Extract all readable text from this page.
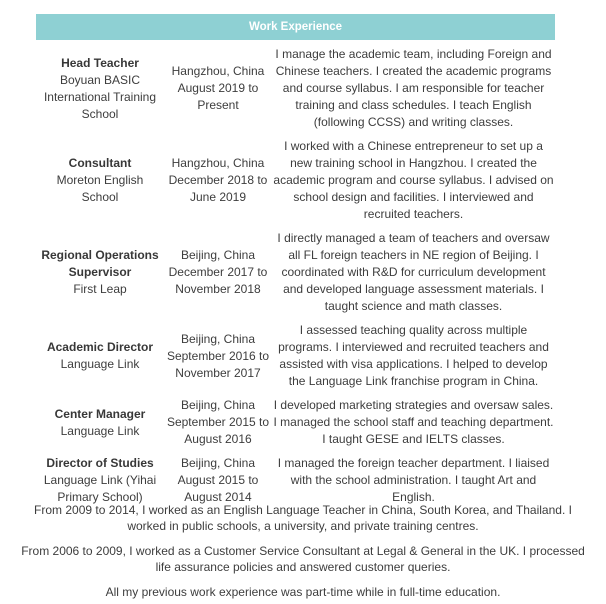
Work Experience
Head Teacher
Boyuan BASIC International Training School
Hangzhou, China
August 2019 to Present
I manage the academic team, including Foreign and Chinese teachers. I created the academic programs and course syllabus. I am responsible for teacher training and class schedules. I teach English (following CCSS) and writing classes.
Consultant
Moreton English School
Hangzhou, China
December 2018 to June 2019
I worked with a Chinese entrepreneur to set up a new training school in Hangzhou. I created the academic program and course syllabus. I advised on school design and facilities. I interviewed and recruited teachers.
Regional Operations Supervisor
First Leap
Beijing, China
December 2017 to November 2018
I directly managed a team of teachers and oversaw all FL foreign teachers in NE region of Beijing. I coordinated with R&D for curriculum development and developed language assessment materials. I taught science and math classes.
Academic Director
Language Link
Beijing, China
September 2016 to November 2017
I assessed teaching quality across multiple programs. I interviewed and recruited teachers and assisted with visa applications. I helped to develop the Language Link franchise program in China.
Center Manager
Language Link
Beijing, China
September 2015 to August 2016
I developed marketing strategies and oversaw sales. I managed the school staff and teaching department. I taught GESE and IELTS classes.
Director of Studies
Language Link (Yihai Primary School)
Beijing, China
August 2015 to August 2014
I managed the foreign teacher department. I liaised with the school administration. I taught Art and English.

From 2009 to 2014, I worked as an English Language Teacher in China, South Korea, and Thailand. I worked in public schools, a university, and private training centres.

From 2006 to 2009, I worked as a Customer Service Consultant at Legal & General in the UK. I processed life assurance policies and answered customer queries.

All my previous work experience was part-time while in full-time education.
